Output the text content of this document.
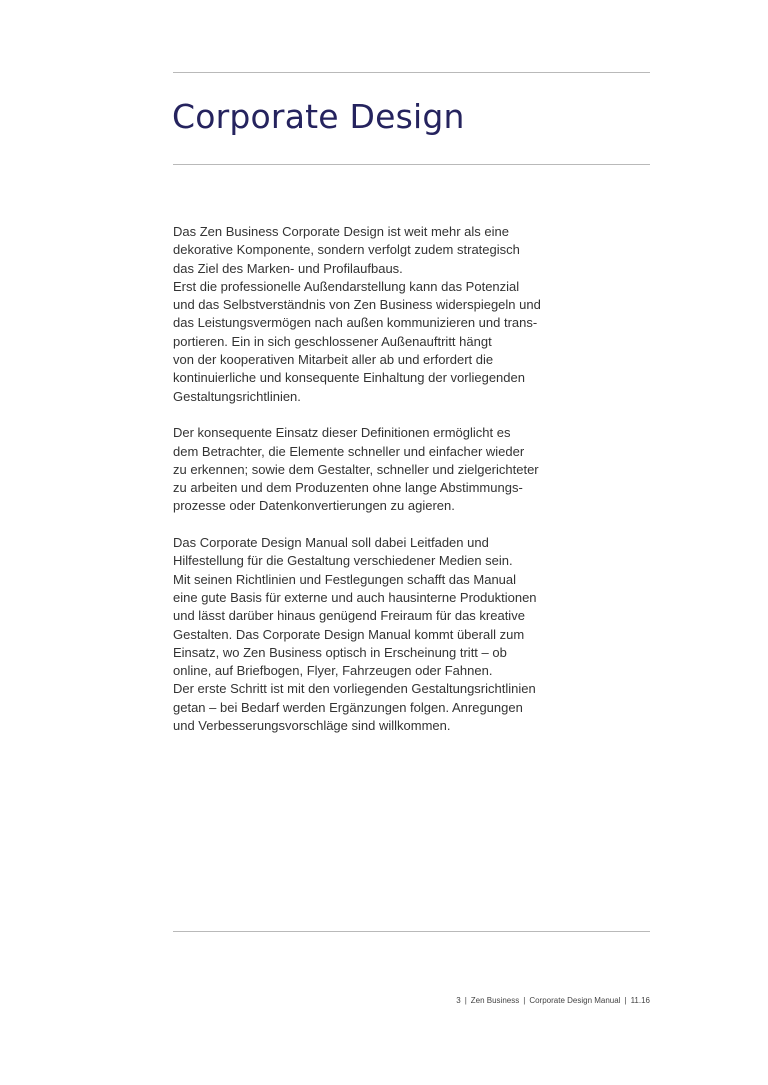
Corporate Design

Das Zen Business Corporate Design ist weit mehr als eine
dekorative Komponente, sondern verfolgt zudem strategisch
das Ziel des Marken- und Profilaufbaus.
Erst die professionelle Außendarstellung kann das Potenzial
und das Selbstverständnis von Zen Business widerspiegeln und
das Leistungsvermögen nach außen kommunizieren und trans-
portieren. Ein in sich geschlossener Außenauftritt hängt
von der kooperativen Mitarbeit aller ab und erfordert die
kontinuierliche und konsequente Einhaltung der vorliegenden
Gestaltungsrichtlinien.

Der konsequente Einsatz dieser Definitionen ermöglicht es
dem Betrachter, die Elemente schneller und einfacher wieder
zu erkennen; sowie dem Gestalter, schneller und zielgerichteter
zu arbeiten und dem Produzenten ohne lange Abstimmungs-
prozesse oder Datenkonvertierungen zu agieren.

Das Corporate Design Manual soll dabei Leitfaden und
Hilfestellung für die Gestaltung verschiedener Medien sein.
Mit seinen Richtlinien und Festlegungen schafft das Manual
eine gute Basis für externe und auch hausinterne Produktionen
und lässt darüber hinaus genügend Freiraum für das kreative
Gestalten. Das Corporate Design Manual kommt überall zum
Einsatz, wo Zen Business optisch in Erscheinung tritt – ob
online, auf Briefbogen, Flyer, Fahrzeugen oder Fahnen.
Der erste Schritt ist mit den vorliegenden Gestaltungsrichtlinien
getan – bei Bedarf werden Ergänzungen folgen. Anregungen
und Verbesserungsvorschläge sind willkommen.

3 | Zen Business | Corporate Design Manual | 11.16
